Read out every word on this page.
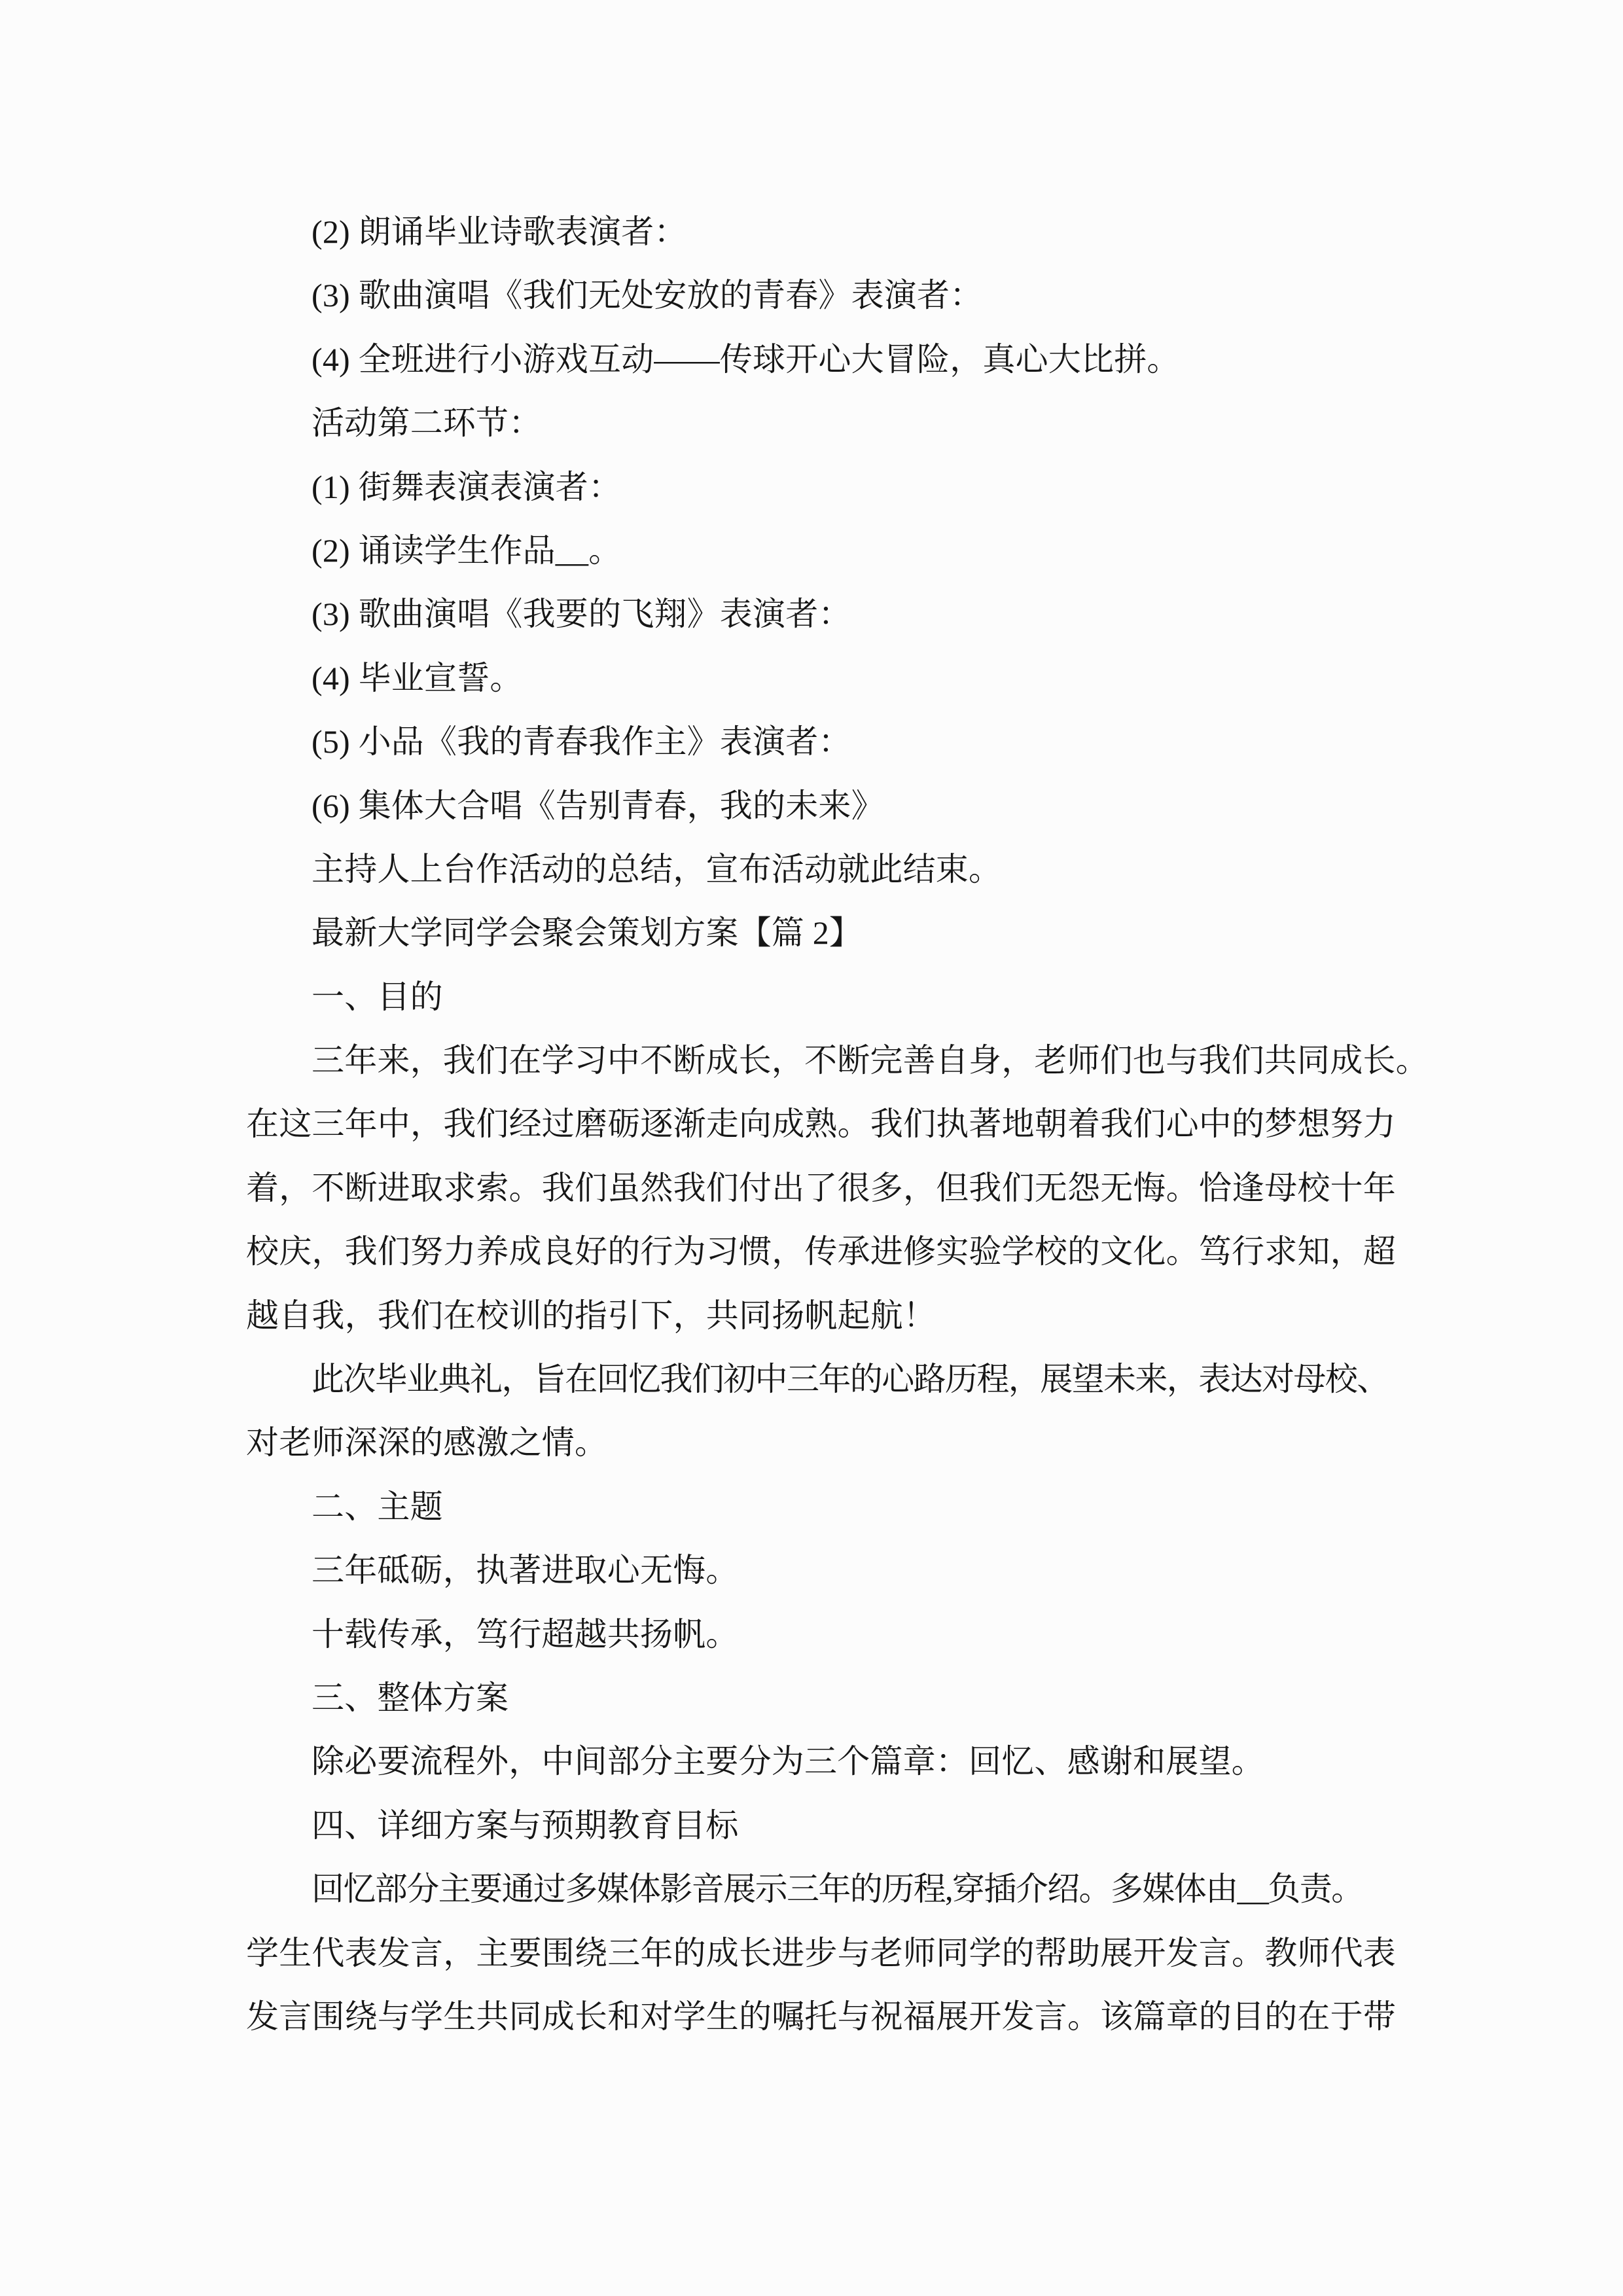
(2) 朗诵毕业诗歌表演者：
(3) 歌曲演唱《我们无处安放的青春》表演者：
(4) 全班进行小游戏互动——传球开心大冒险，真心大比拼。
活动第二环节：
(1) 街舞表演表演者：
(2) 诵读学生作品__。
(3) 歌曲演唱《我要的飞翔》表演者：
(4) 毕业宣誓。
(5) 小品《我的青春我作主》表演者：
(6) 集体大合唱《告别青春，我的未来》
主持人上台作活动的总结，宣布活动就此结束。
最新大学同学会聚会策划方案【篇 2】
一、目的
三年来，我们在学习中不断成长，不断完善自身，老师们也与我们共同成长。
在这三年中，我们经过磨砺逐渐走向成熟。我们执著地朝着我们心中的梦想努力
着，不断进取求索。我们虽然我们付出了很多，但我们无怨无悔。恰逢母校十年
校庆，我们努力养成良好的行为习惯，传承进修实验学校的文化。笃行求知，超
越自我，我们在校训的指引下，共同扬帆起航！
此次毕业典礼，旨在回忆我们初中三年的心路历程，展望未来，表达对母校、
对老师深深的感激之情。
二、主题
三年砥砺，执著进取心无悔。
十载传承，笃行超越共扬帆。
三、整体方案
除必要流程外，中间部分主要分为三个篇章：回忆、感谢和展望。
四、详细方案与预期教育目标
回忆部分主要通过多媒体影音展示三年的历程,穿插介绍。多媒体由__负责。
学生代表发言，主要围绕三年的成长进步与老师同学的帮助展开发言。教师代表
发言围绕与学生共同成长和对学生的嘱托与祝福展开发言。该篇章的目的在于带
